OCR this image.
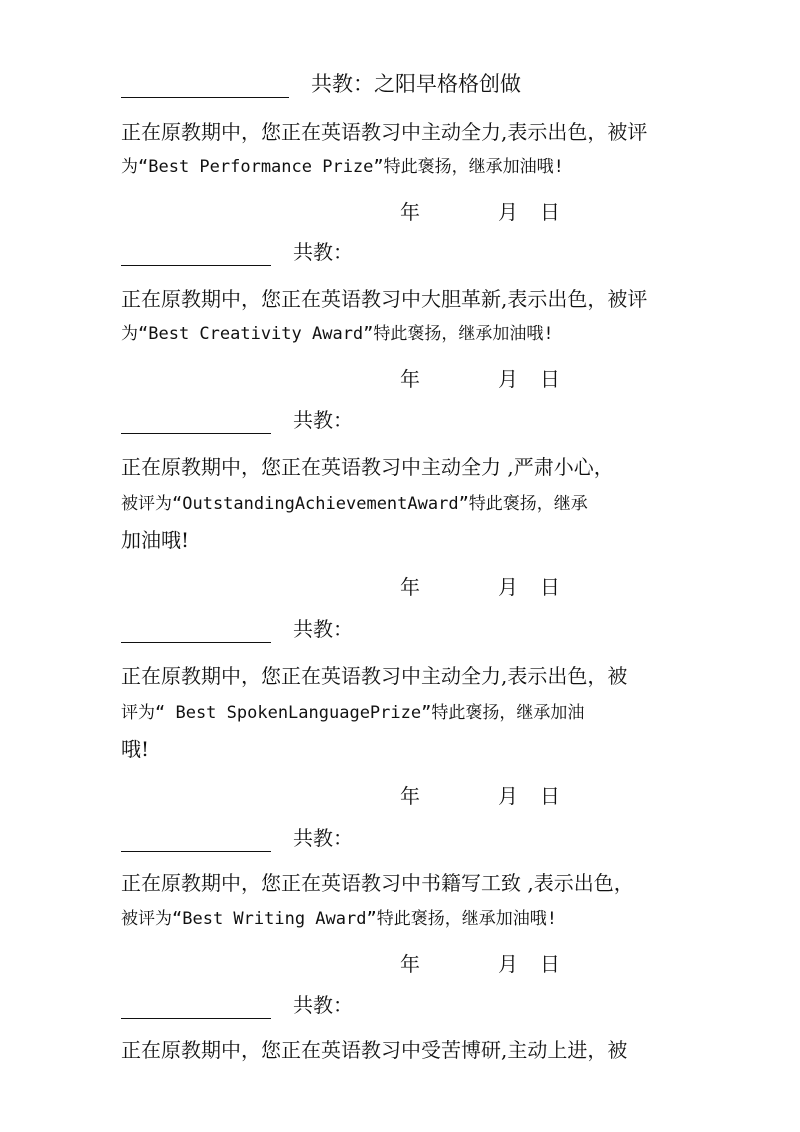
共教：之阳早格格创做
正在原教期中，您正在英语教习中主动全力,表示出色，被评
为“Best Performance Prize”特此褒扬，继承加油哦!
年	月 日
共教：
正在原教期中，您正在英语教习中大胆革新,表示出色，被评
为“Best Creativity Award”特此褒扬，继承加油哦!
年	月 日
共教：
正在原教期中，您正在英语教习中主动全力 ,严肃小心，
被评为“OutstandingAchievementAward”特此褒扬，继承
加油哦!
年	月 日
共教：
正在原教期中，您正在英语教习中主动全力,表示出色，被
评为“ Best SpokenLanguagePrize”特此褒扬，继承加油
哦!
年	月 日
共教：
正在原教期中，您正在英语教习中书籍写工致 ,表示出色，
被评为“Best Writing Award”特此褒扬，继承加油哦!
年	月 日
共教：
正在原教期中，您正在英语教习中受苦博研,主动上进，被
